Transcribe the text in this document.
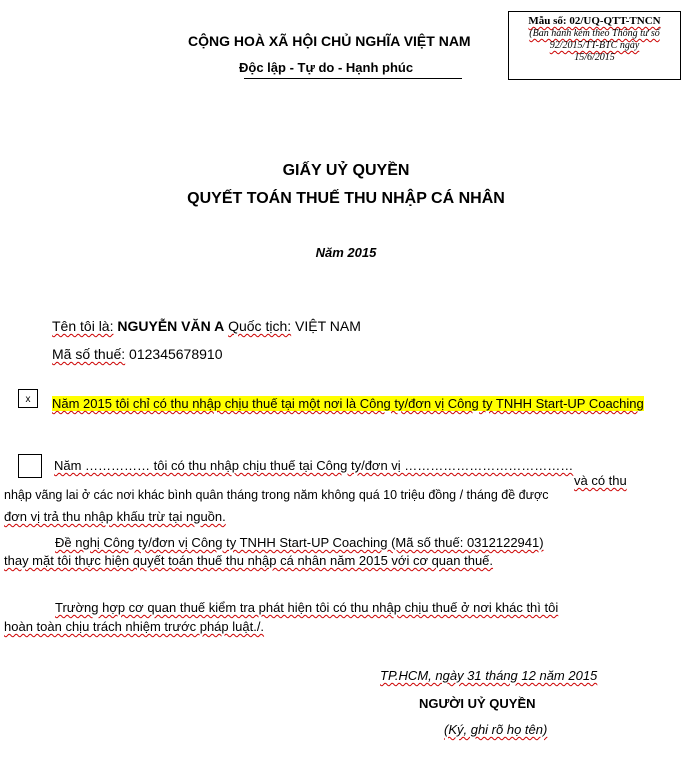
Mẫu số: 02/UQ-QTT-TNCN
(Ban hành kèm theo Thông tư số
92/2015/TT-BTC ngày
15/6/2015
CỘNG HOÀ XÃ HỘI CHỦ NGHĨA VIỆT NAM
Độc lập - Tự do - Hạnh phúc
GIẤY UỶ QUYỀN
QUYẾT TOÁN THUẾ THU NHẬP CÁ NHÂN
Năm 2015
Tên tôi là: NGUYỄN VĂN A Quốc tịch: VIỆT NAM
Mã số thuế: 012345678910
x	Năm 2015 tôi chỉ có thu nhập chịu thuế tại một nơi là Công ty/đơn vị Công ty TNHH Start-UP Coaching
Năm …………… tôi có thu nhập chịu thuế tại Công ty/đơn vị …………………………………
và có thu
nhập vãng lai ở các nơi khác bình quân tháng trong năm không quá 10 triệu đồng / tháng đề được
đơn vị trả thu nhập khấu trừ tại nguồn.
Đề nghị Công ty/đơn vị Công ty TNHH Start-UP Coaching (Mã số thuế: 0312122941)
thay mặt tôi thực hiện quyết toán thuế thu nhập cá nhân năm 2015 với cơ quan thuế.
Trường hợp cơ quan thuế kiểm tra phát hiện tôi có thu nhập chịu thuế ở nơi khác thì tôi
hoàn toàn chịu trách nhiệm trước pháp luật./.
TP.HCM, ngày 31 tháng 12 năm 2015
NGƯỜI UỶ QUYỀN
(Ký, ghi rõ họ tên)
